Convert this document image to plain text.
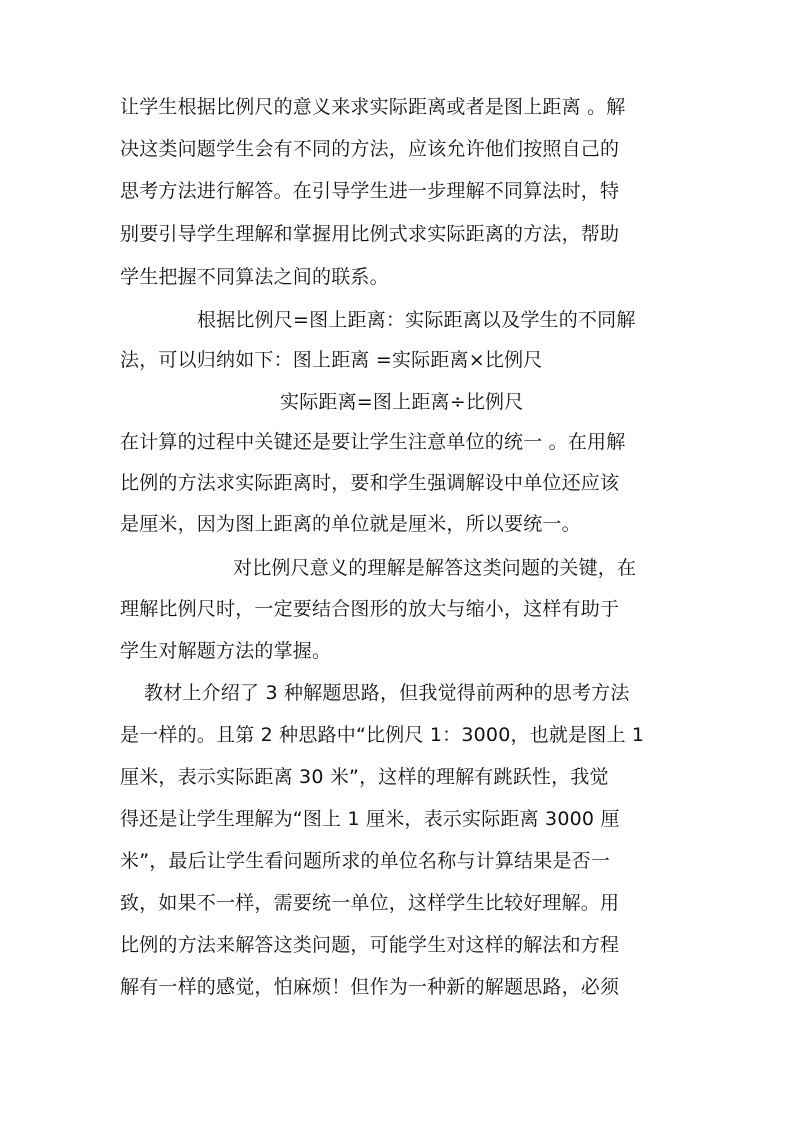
让学生根据比例尺的意义来求实际距离或者是图上距离 。解
决这类问题学生会有不同的方法，应该允许他们按照自己的
思考方法进行解答。在引导学生进一步理解不同算法时，特
别要引导学生理解和掌握用比例式求实际距离的方法，帮助
学生把握不同算法之间的联系。
根据比例尺=图上距离：实际距离以及学生的不同解
法，可以归纳如下：图上距离 =实际距离×比例尺
实际距离=图上距离÷比例尺
在计算的过程中关键还是要让学生注意单位的统一 。在用解
比例的方法求实际距离时，要和学生强调解设中单位还应该
是厘米，因为图上距离的单位就是厘米，所以要统一。
对比例尺意义的理解是解答这类问题的关键，在
理解比例尺时，一定要结合图形的放大与缩小，这样有助于
学生对解题方法的掌握。
教材上介绍了 3 种解题思路，但我觉得前两种的思考方法
是一样的。且第 2 种思路中“比例尺 1：3000，也就是图上 1
厘米，表示实际距离 30 米”，这样的理解有跳跃性，我觉
得还是让学生理解为“图上 1 厘米，表示实际距离 3000 厘
米”，最后让学生看问题所求的单位名称与计算结果是否一
致，如果不一样，需要统一单位，这样学生比较好理解。用
比例的方法来解答这类问题，可能学生对这样的解法和方程
解有一样的感觉，怕麻烦！但作为一种新的解题思路，必须
